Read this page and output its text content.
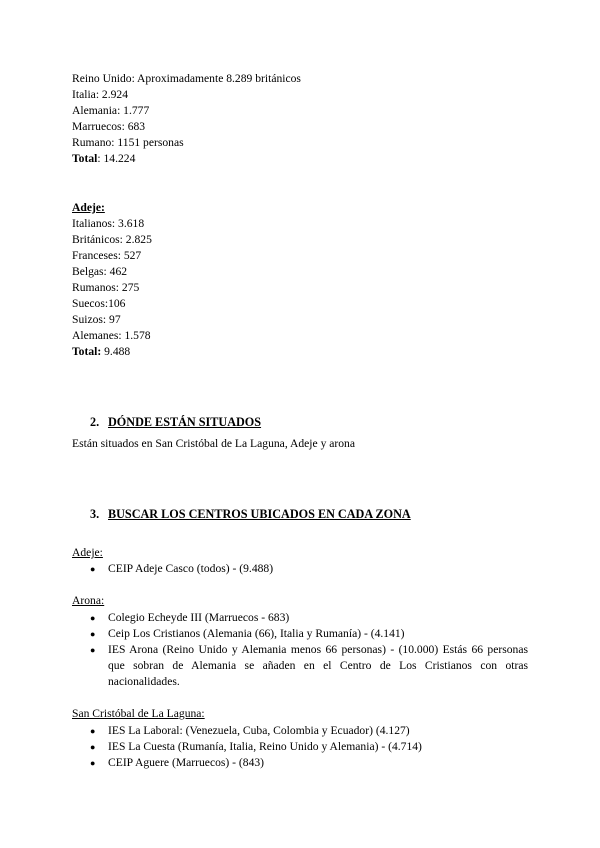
Reino Unido: Aproximadamente 8.289 británicos
Italia: 2.924
Alemania: 1.777
Marruecos: 683
Rumano: 1151 personas
Total: 14.224
Adeje:
Italianos: 3.618
Británicos: 2.825
Franceses: 527
Belgas: 462
Rumanos: 275
Suecos:106
Suizos: 97
Alemanes: 1.578
Total: 9.488
2. DÓNDE ESTÁN SITUADOS
Están situados en San Cristóbal de La Laguna, Adeje y arona
3. BUSCAR LOS CENTROS UBICADOS EN CADA ZONA
Adeje:
● CEIP Adeje Casco (todos) - (9.488)
Arona:
● Colegio Echeyde III (Marruecos - 683)
● Ceip Los Cristianos (Alemania (66), Italia y Rumanía) - (4.141)
● IES Arona (Reino Unido y Alemania menos 66 personas) - (10.000) Estás 66 personas que sobran de Alemania se añaden en el Centro de Los Cristianos con otras nacionalidades.
San Cristóbal de La Laguna:
● IES La Laboral: (Venezuela, Cuba, Colombia y Ecuador) (4.127)
● IES La Cuesta (Rumanía, Italia, Reino Unido y Alemania) - (4.714)
● CEIP Aguere (Marruecos) - (843)
